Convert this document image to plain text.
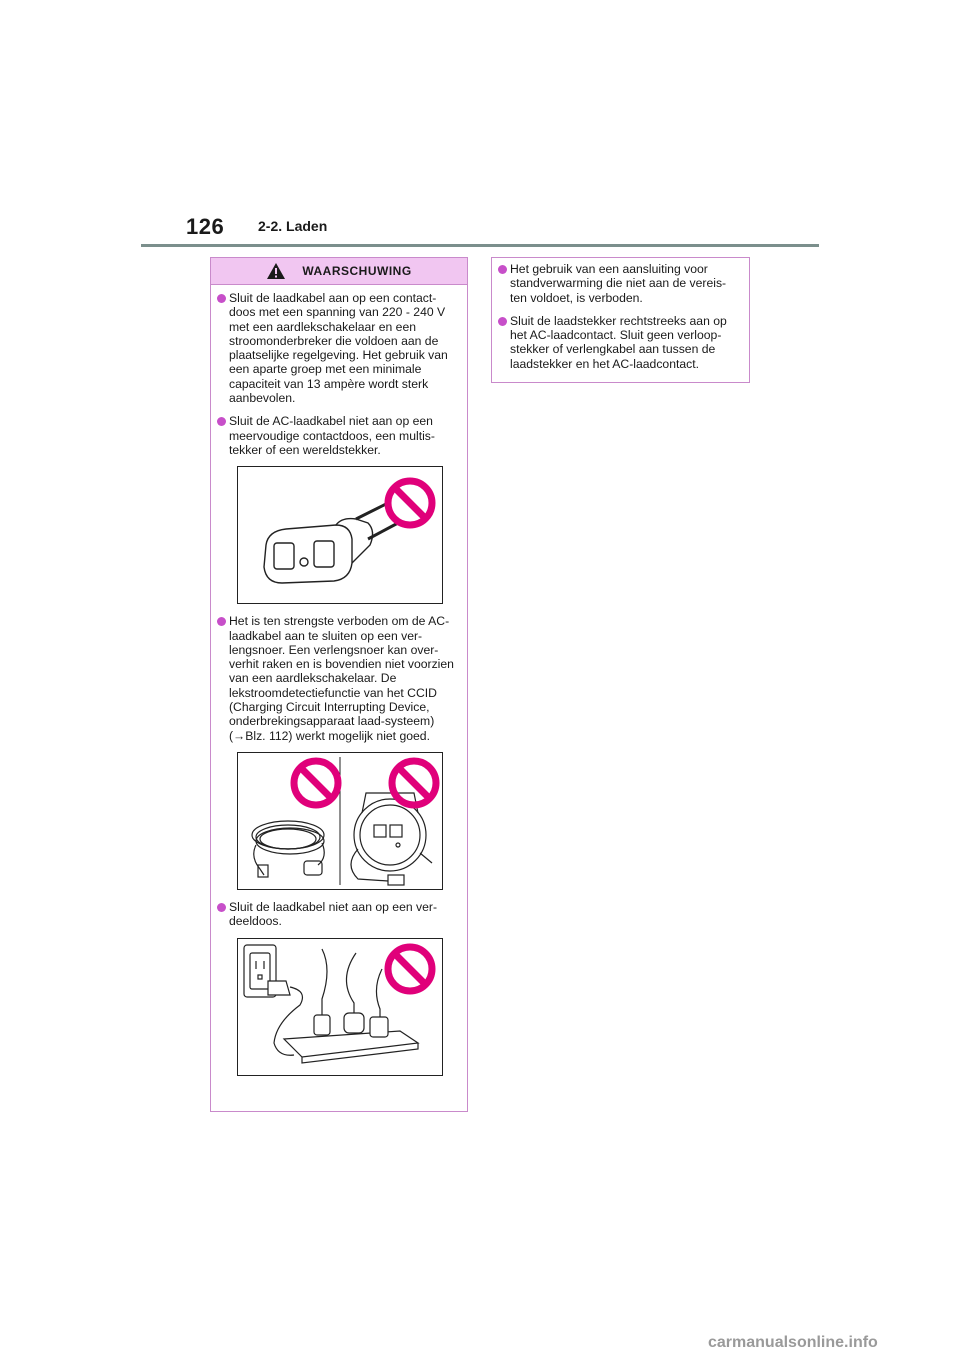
126 2-2. Laden
WAARSCHUWING
Sluit de laadkabel aan op een contact-doos met een spanning van 220 - 240 V met een aardlekschakelaar en een stroomonderbreker die voldoen aan de plaatselijke regelgeving. Het gebruik van een aparte groep met een minimale capaciteit van 13 ampère wordt sterk aanbevolen.
Sluit de AC-laadkabel niet aan op een meervoudige contactdoos, een multis-tekker of een wereldstekker.
Het is ten strengste verboden om de AC-laadkabel aan te sluiten op een ver-lengsnoer. Een verlengsnoer kan over-verhit raken en is bovendien niet voorzien van een aardlekschakelaar. De lekstroomdetectiefunctie van het CCID (Charging Circuit Interrupting Device, onderbrekingsapparaat laad-systeem) (→Blz. 112) werkt mogelijk niet goed.
Sluit de laadkabel niet aan op een ver-deeldoos.
Het gebruik van een aansluiting voor standverwarming die niet aan de vereis-ten voldoet, is verboden.
Sluit de laadstekker rechtstreeks aan op het AC-laadcontact. Sluit geen verloop-stekker of verlengkabel aan tussen de laadstekker en het AC-laadcontact.
carmanualsonline.info
